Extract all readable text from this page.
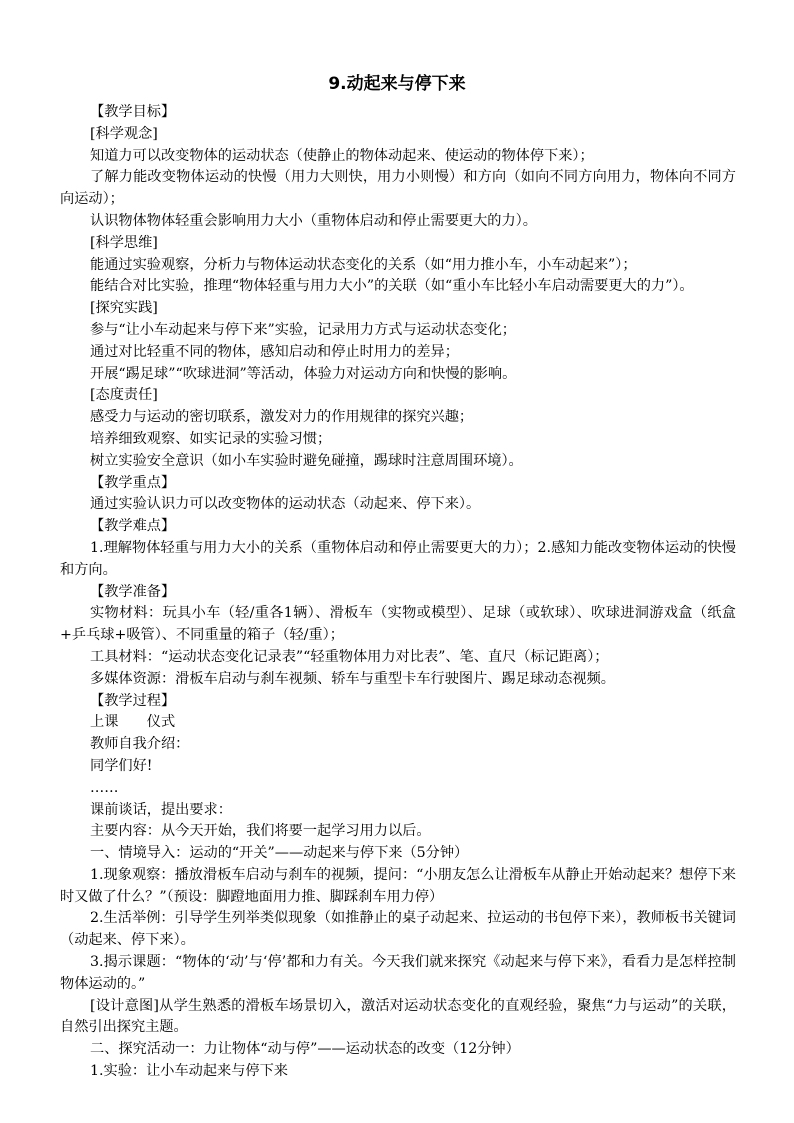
9.动起来与停下来

【教学目标】

[科学观念]

知道力可以改变物体的运动状态（使静止的物体动起来、使运动的物体停下来）；

了解力能改变物体运动的快慢（用力大则快，用力小则慢）和方向（如向不同方向用力，物体向不同方向运动）；

认识物体物体轻重会影响用力大小（重物体启动和停止需要更大的力）。

[科学思维]

能通过实验观察，分析力与物体运动状态变化的关系（如“用力推小车，小车动起来”）；

能结合对比实验，推理“物体轻重与用力大小”的关联（如“重小车比轻小车启动需要更大的力”）。

[探究实践]

参与“让小车动起来与停下来”实验，记录用力方式与运动状态变化；

通过对比轻重不同的物体，感知启动和停止时用力的差异；

开展“踢足球”“吹球进洞”等活动，体验力对运动方向和快慢的影响。

[态度责任]

感受力与运动的密切联系，激发对力的作用规律的探究兴趣；

培养细致观察、如实记录的实验习惯；

树立实验安全意识（如小车实验时避免碰撞，踢球时注意周围环境）。

【教学重点】

通过实验认识力可以改变物体的运动状态（动起来、停下来）。

【教学难点】

1.理解物体轻重与用力大小的关系（重物体启动和停止需要更大的力）；2.感知力能改变物体运动的快慢和方向。

【教学准备】

实物材料：玩具小车（轻/重各1辆）、滑板车（实物或模型）、足球（或软球）、吹球进洞游戏盒（纸盒+乒乓球+吸管）、不同重量的箱子（轻/重）；

工具材料：“运动状态变化记录表”“轻重物体用力对比表”、笔、直尺（标记距离）；

多媒体资源：滑板车启动与刹车视频、轿车与重型卡车行驶图片、踢足球动态视频。

【教学过程】

上课　　仪式

教师自我介绍：

同学们好!

……

课前谈话，提出要求：

主要内容：从今天开始，我们将要一起学习用力以后。

一、情境导入：运动的“开关”——动起来与停下来（5分钟）

1.现象观察：播放滑板车启动与刹车的视频，提问：“小朋友怎么让滑板车从静止开始动起来？想停下来时又做了什么？”（预设：脚蹬地面用力推、脚踩刹车用力停）

2.生活举例：引导学生列举类似现象（如推静止的桌子动起来、拉运动的书包停下来），教师板书关键词（动起来、停下来）。

3.揭示课题：“物体的‘动’与‘停’都和力有关。今天我们就来探究《动起来与停下来》，看看力是怎样控制物体运动的。”

[设计意图]从学生熟悉的滑板车场景切入，激活对运动状态变化的直观经验，聚焦“力与运动”的关联，自然引出探究主题。

二、探究活动一：力让物体“动与停”——运动状态的改变（12分钟）

1.实验：让小车动起来与停下来
